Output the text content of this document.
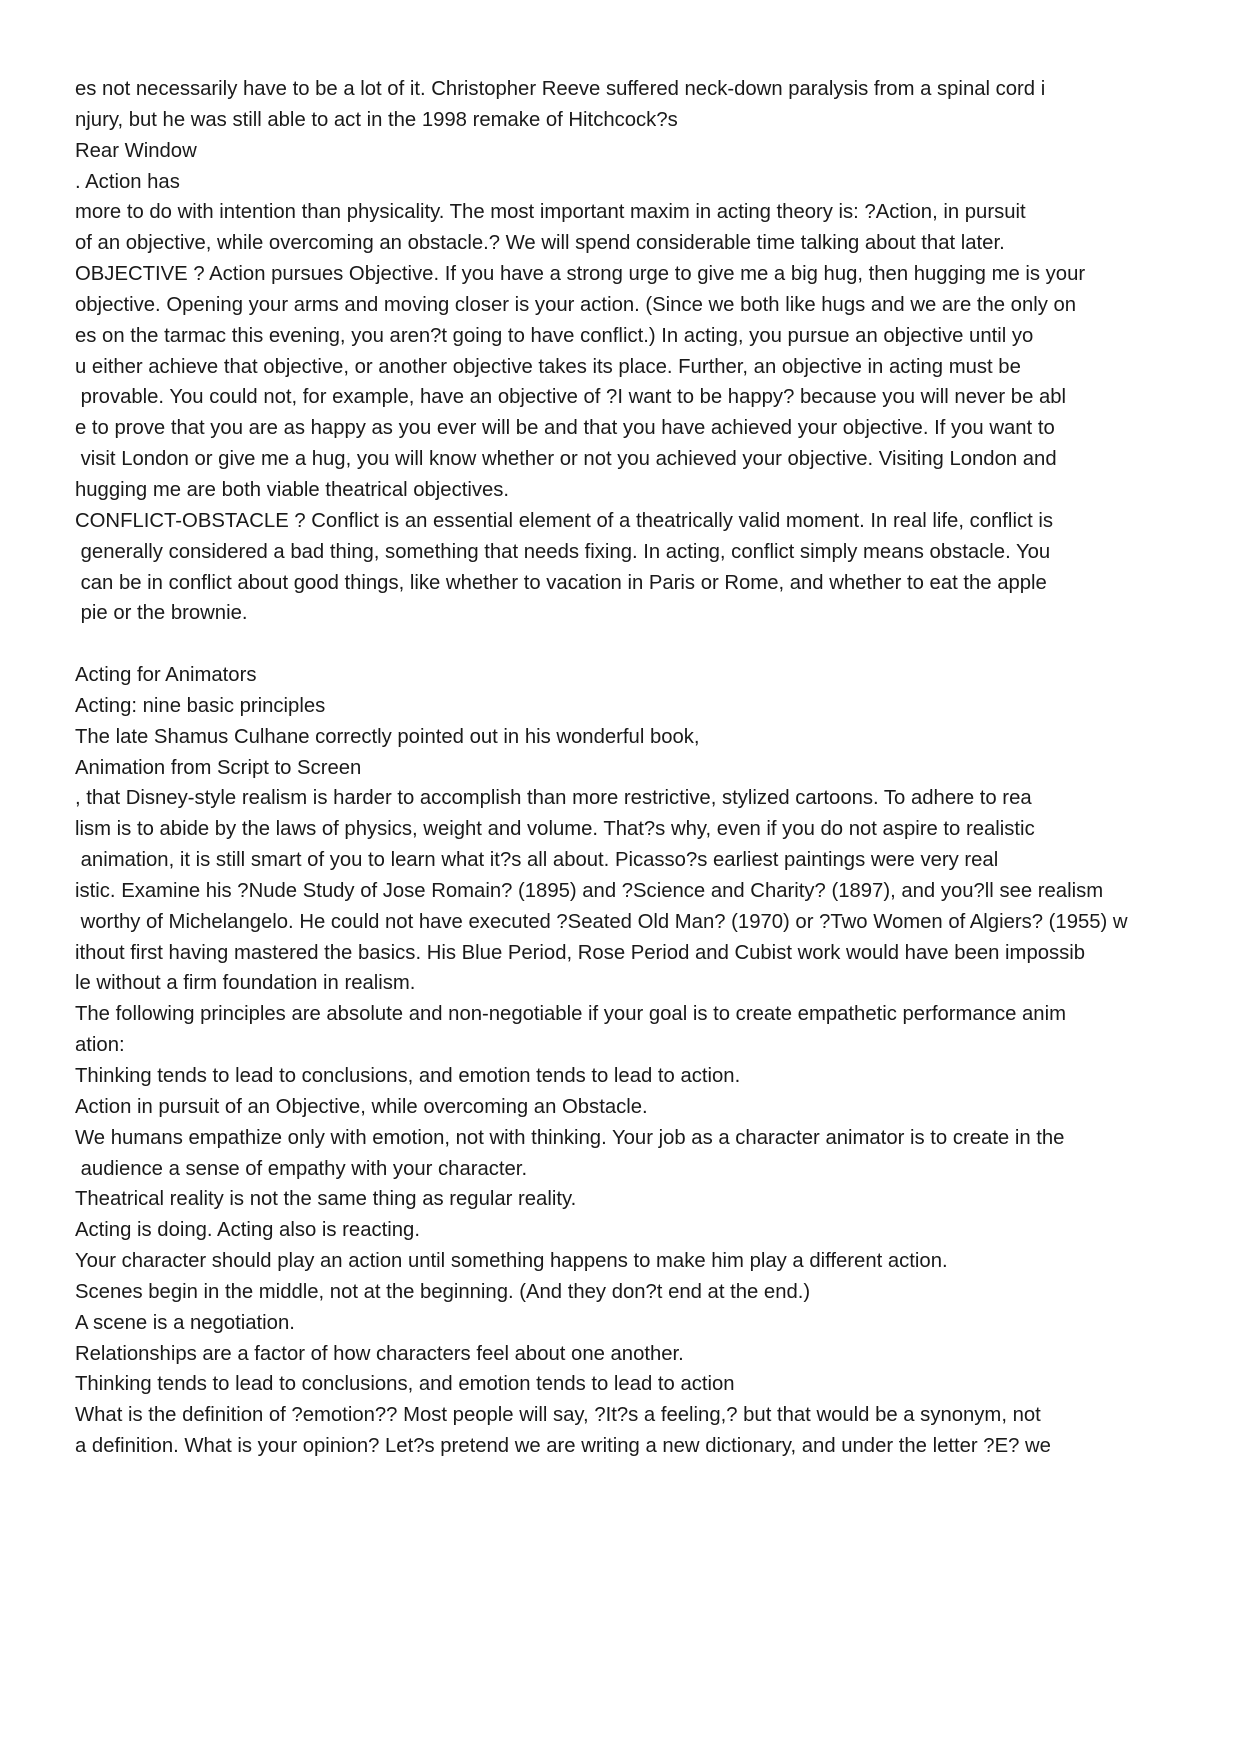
es not necessarily have to be a lot of it. Christopher Reeve suffered neck-down paralysis from a spinal cord i
njury, but he was still able to act in the 1998 remake of Hitchcock?s
Rear Window
. Action has
more to do with intention than physicality. The most important maxim in acting theory is: ?Action, in pursuit
of an objective, while overcoming an obstacle.? We will spend considerable time talking about that later.
OBJECTIVE ? Action pursues Objective. If you have a strong urge to give me a big hug, then hugging me is your
objective. Opening your arms and moving closer is your action. (Since we both like hugs and we are the only on
es on the tarmac this evening, you aren?t going to have conflict.) In acting, you pursue an objective until yo
u either achieve that objective, or another objective takes its place. Further, an objective in acting must be
provable. You could not, for example, have an objective of ?I want to be happy? because you will never be abl
e to prove that you are as happy as you ever will be and that you have achieved your objective. If you want to
visit London or give me a hug, you will know whether or not you achieved your objective. Visiting London and
hugging me are both viable theatrical objectives.
CONFLICT-OBSTACLE ? Conflict is an essential element of a theatrically valid moment. In real life, conflict is
generally considered a bad thing, something that needs fixing. In acting, conflict simply means obstacle. You
can be in conflict about good things, like whether to vacation in Paris or Rome, and whether to eat the apple
pie or the brownie.
Acting for Animators
Acting: nine basic principles
The late Shamus Culhane correctly pointed out in his wonderful book,
Animation from Script to Screen
, that Disney-style realism is harder to accomplish than more restrictive, stylized cartoons. To adhere to rea
lism is to abide by the laws of physics, weight and volume. That?s why, even if you do not aspire to realistic
animation, it is still smart of you to learn what it?s all about. Picasso?s earliest paintings were very real
istic. Examine his ?Nude Study of Jose Romain? (1895) and ?Science and Charity? (1897), and you?ll see realism
worthy of Michelangelo. He could not have executed ?Seated Old Man? (1970) or ?Two Women of Algiers? (1955) w
ithout first having mastered the basics. His Blue Period, Rose Period and Cubist work would have been impossib
le without a firm foundation in realism.
The following principles are absolute and non-negotiable if your goal is to create empathetic performance anim
ation:
Thinking tends to lead to conclusions, and emotion tends to lead to action.
Action in pursuit of an Objective, while overcoming an Obstacle.
We humans empathize only with emotion, not with thinking. Your job as a character animator is to create in the
audience a sense of empathy with your character.
Theatrical reality is not the same thing as regular reality.
Acting is doing. Acting also is reacting.
Your character should play an action until something happens to make him play a different action.
Scenes begin in the middle, not at the beginning. (And they don?t end at the end.)
A scene is a negotiation.
Relationships are a factor of how characters feel about one another.
Thinking tends to lead to conclusions, and emotion tends to lead to action
What is the definition of ?emotion?? Most people will say, ?It?s a feeling,? but that would be a synonym, not
a definition. What is your opinion? Let?s pretend we are writing a new dictionary, and under the letter ?E? we
